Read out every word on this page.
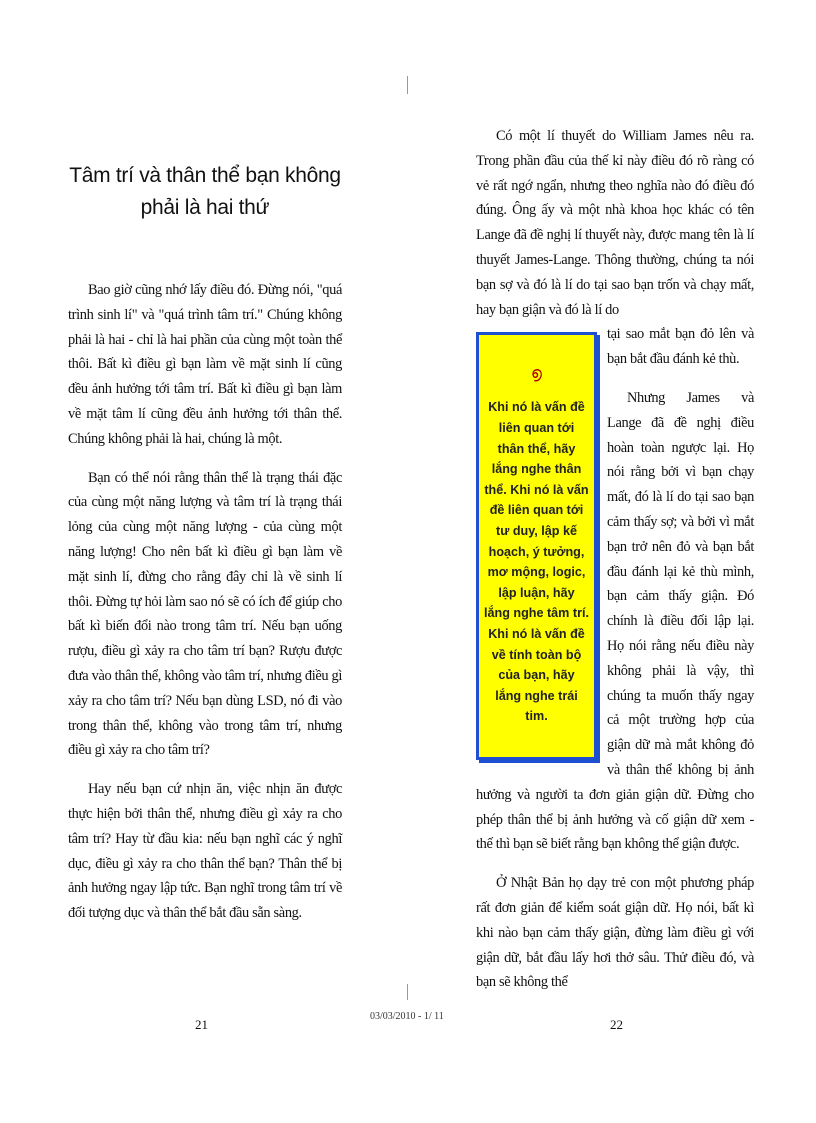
Tâm trí và thân thể bạn không phải là hai thứ

Bao giờ cũng nhớ lấy điều đó. Đừng nói, "quá trình sinh lí" và "quá trình tâm trí." Chúng không phải là hai - chỉ là hai phần của cùng một toàn thể thôi. Bất kì điều gì bạn làm về mặt sinh lí cũng đều ảnh hưởng tới tâm trí. Bất kì điều gì bạn làm về mặt tâm lí cũng đều ảnh hưởng tới thân thể. Chúng không phải là hai, chúng là một.

Bạn có thể nói rằng thân thể là trạng thái đặc của cùng một năng lượng và tâm trí là trạng thái lỏng của cùng một năng lượng - của cùng một năng lượng! Cho nên bất kì điều gì bạn làm về mặt sinh lí, đừng cho rằng đây chỉ là về sinh lí thôi. Đừng tự hỏi làm sao nó sẽ có ích để giúp cho bất kì biến đổi nào trong tâm trí. Nếu bạn uống rượu, điều gì xảy ra cho tâm trí bạn? Rượu được đưa vào thân thể, không vào tâm trí, nhưng điều gì xảy ra cho tâm trí? Nếu bạn dùng LSD, nó đi vào trong thân thể, không vào trong tâm trí, nhưng điều gì xảy ra cho tâm trí?

Hay nếu bạn cứ nhịn ăn, việc nhịn ăn được thực hiện bởi thân thể, nhưng điều gì xảy ra cho tâm trí? Hay từ đầu kia: nếu bạn nghĩ các ý nghĩ dục, điều gì xảy ra cho thân thể bạn? Thân thể bị ảnh hưởng ngay lập tức. Bạn nghĩ trong tâm trí về đối tượng dục và thân thể bắt đầu sẵn sàng.

Có một lí thuyết do William James nêu ra. Trong phần đầu của thế kỉ này điều đó rõ ràng có vẻ rất ngớ ngẩn, nhưng theo nghĩa nào đó điều đó đúng. Ông ấy và một nhà khoa học khác có tên Lange đã đề nghị lí thuyết này, được mang tên là lí thuyết James-Lange. Thông thường, chúng ta nói bạn sợ và đó là lí do tại sao bạn trốn và chạy mất, hay bạn giận và đó là lí do

൭
Khi nó là vấn đề liên quan tới thân thể, hãy lắng nghe thân thể. Khi nó là vấn đề liên quan tới tư duy, lập kế hoạch, ý tưởng, mơ mộng, logic, lập luận, hãy lắng nghe tâm trí. Khi nó là vấn đề về tính toàn bộ của bạn, hãy lắng nghe trái tim.

tại sao mắt bạn đỏ lên và bạn bắt đầu đánh kẻ thù.

Nhưng James và Lange đã đề nghị điều hoàn toàn ngược lại. Họ nói rằng bởi vì bạn chạy mất, đó là lí do tại sao bạn cảm thấy sợ; và bởi vì mắt bạn trở nên đỏ và bạn bắt đầu đánh lại kẻ thù mình, bạn cảm thấy giận. Đó chính là điều đối lập lại. Họ nói rằng nếu điều này không phải là vậy, thì chúng ta muốn thấy ngay cả một trường hợp của giận dữ mà mắt không đỏ và thân thể không bị ảnh hưởng và người ta đơn giản giận dữ. Đừng cho phép thân thể bị ảnh hưởng và cố giận dữ xem - thế thì bạn sẽ biết rằng bạn không thể giận được.

Ở Nhật Bản họ dạy trẻ con một phương pháp rất đơn giản để kiểm soát giận dữ. Họ nói, bất kì khi nào bạn cảm thấy giận, đừng làm điều gì với giận dữ, bắt đầu lấy hơi thở sâu. Thử điều đó, và bạn sẽ không thể

21
03/03/2010 - 1/ 11
22
